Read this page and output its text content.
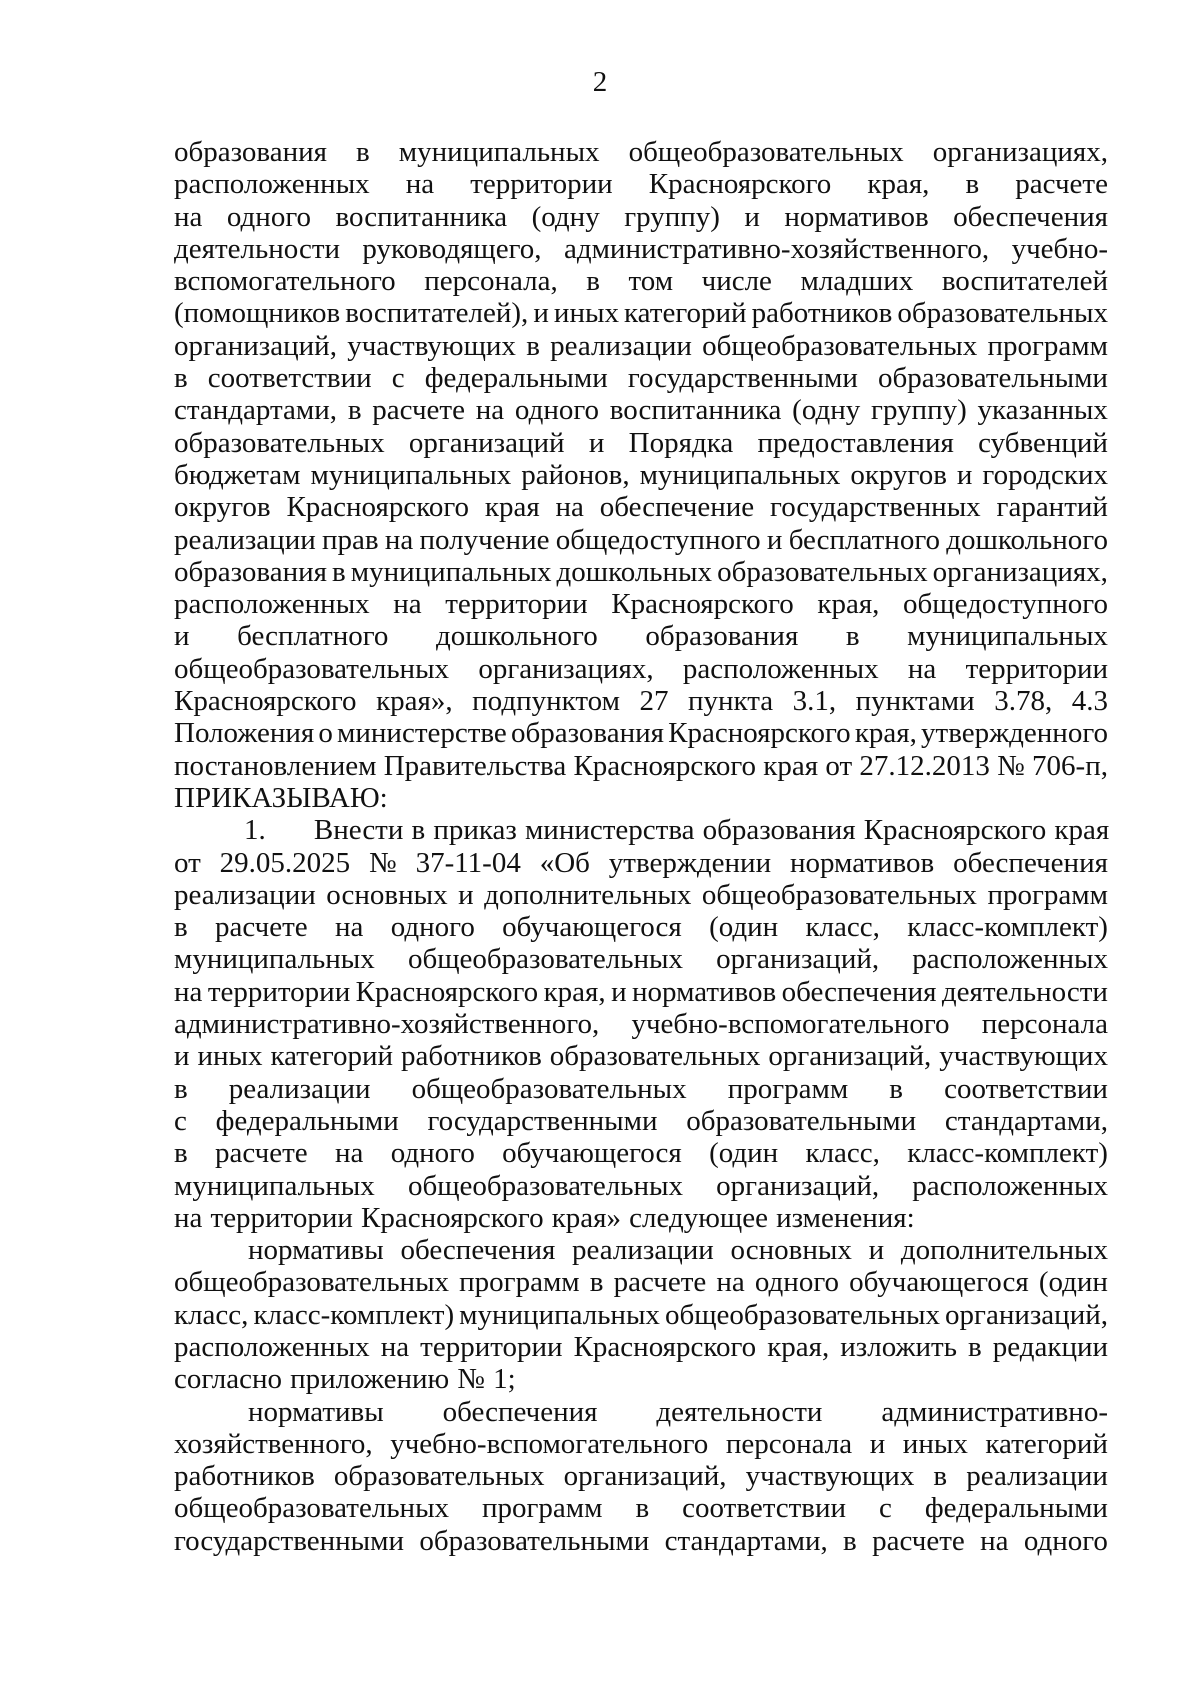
2
образования в муниципальных общеобразовательных организациях,
расположенных на территории Красноярского края, в расчете
на одного воспитанника (одну группу) и нормативов обеспечения
деятельности руководящего, административно-хозяйственного, учебно-
вспомогательного персонала, в том числе младших воспитателей
(помощников воспитателей), и иных категорий работников образовательных
организаций, участвующих в реализации общеобразовательных программ
в соответствии с федеральными государственными образовательными
стандартами, в расчете на одного воспитанника (одну группу) указанных
образовательных организаций и Порядка предоставления субвенций
бюджетам муниципальных районов, муниципальных округов и городских
округов Красноярского края на обеспечение государственных гарантий
реализации прав на получение общедоступного и бесплатного дошкольного
образования в муниципальных дошкольных образовательных организациях,
расположенных на территории Красноярского края, общедоступного
и бесплатного дошкольного образования в муниципальных
общеобразовательных организациях, расположенных на территории
Красноярского края», подпунктом 27 пункта 3.1, пунктами 3.78, 4.3
Положения о министерстве образования Красноярского края, утвержденного
постановлением Правительства Красноярского края от 27.12.2013 № 706-п,
ПРИКАЗЫВАЮ:
1. Внести в приказ министерства образования Красноярского края
от 29.05.2025 № 37-11-04 «Об утверждении нормативов обеспечения
реализации основных и дополнительных общеобразовательных программ
в расчете на одного обучающегося (один класс, класс-комплект)
муниципальных общеобразовательных организаций, расположенных
на территории Красноярского края, и нормативов обеспечения деятельности
административно-хозяйственного, учебно-вспомогательного персонала
и иных категорий работников образовательных организаций, участвующих
в реализации общеобразовательных программ в соответствии
с федеральными государственными образовательными стандартами,
в расчете на одного обучающегося (один класс, класс-комплект)
муниципальных общеобразовательных организаций, расположенных
на территории Красноярского края» следующее изменения:
нормативы обеспечения реализации основных и дополнительных
общеобразовательных программ в расчете на одного обучающегося (один
класс, класс-комплект) муниципальных общеобразовательных организаций,
расположенных на территории Красноярского края, изложить в редакции
согласно приложению № 1;
нормативы обеспечения деятельности административно-
хозяйственного, учебно-вспомогательного персонала и иных категорий
работников образовательных организаций, участвующих в реализации
общеобразовательных программ в соответствии с федеральными
государственными образовательными стандартами, в расчете на одного
